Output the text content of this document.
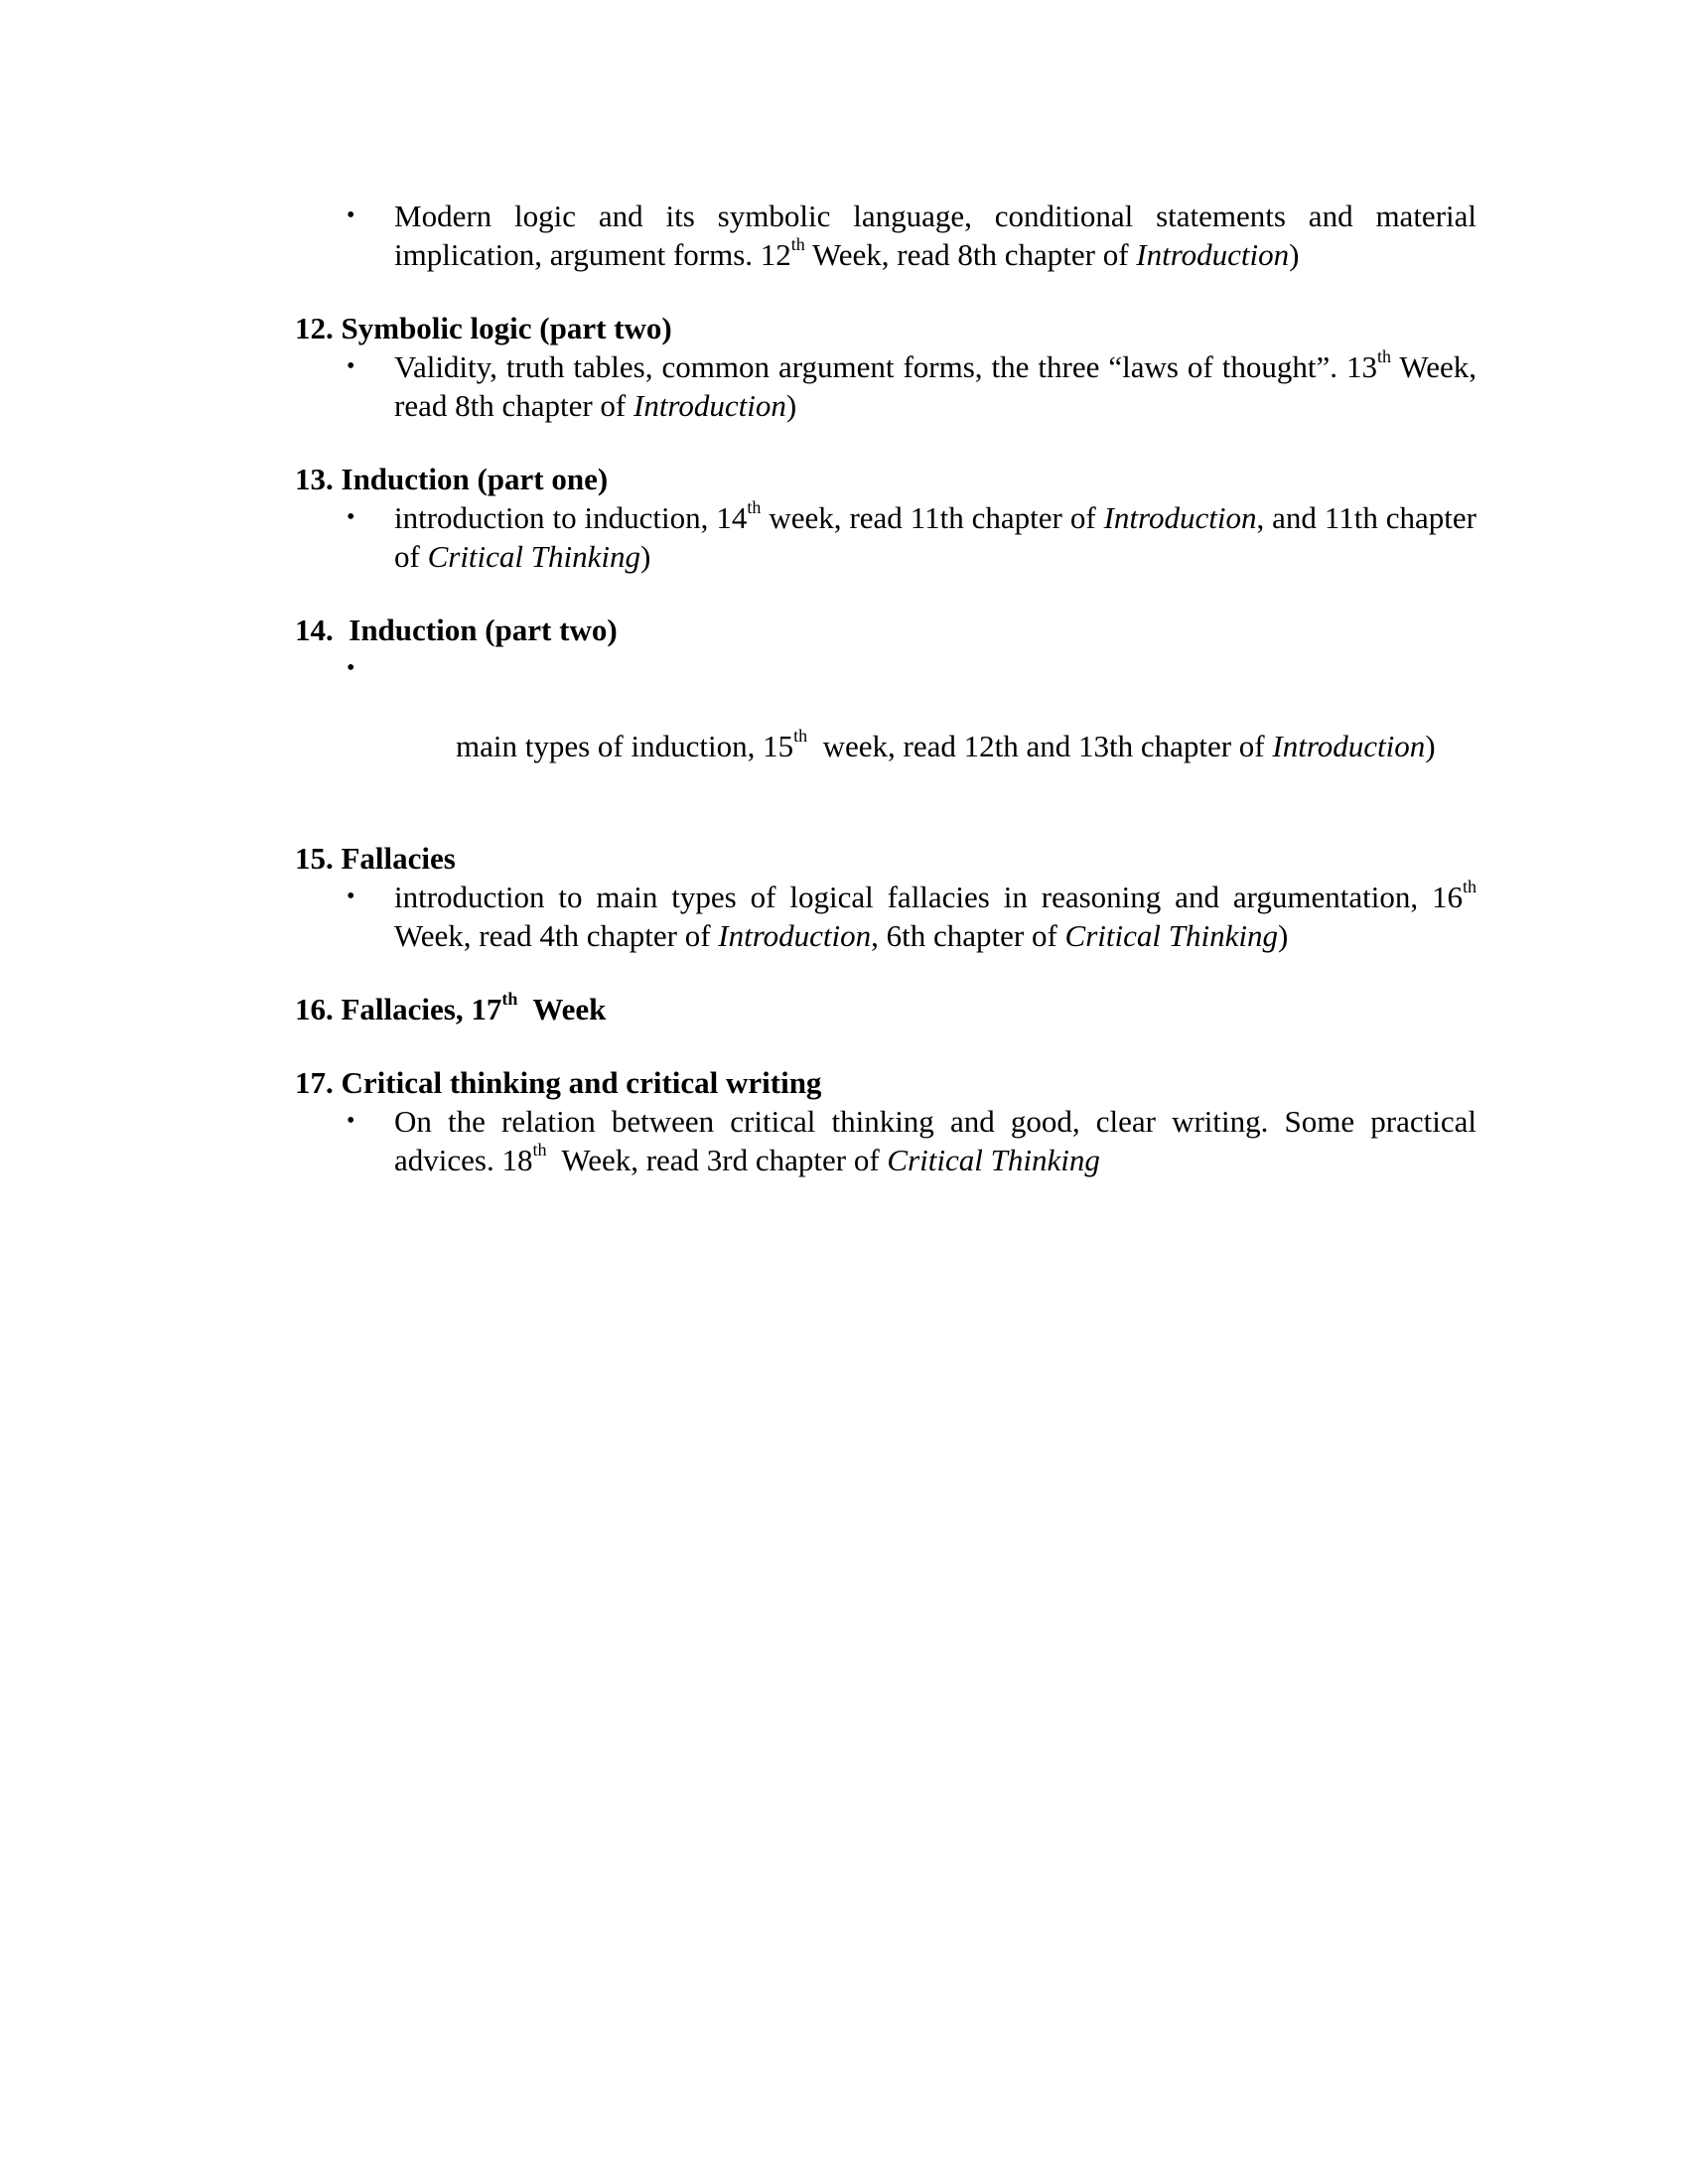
• Modern logic and its symbolic language, conditional statements and material implication, argument forms. 12th Week, read 8th chapter of Introduction)

12. Symbolic logic (part two)

• Validity, truth tables, common argument forms, the three “laws of thought”. 13th Week, read 8th chapter of Introduction)

13. Induction (part one)

• introduction to induction, 14th week, read 11th chapter of Introduction, and 11th chapter of Critical Thinking)

14.  Induction (part two)

•

main types of induction, 15th  week, read 12th and 13th chapter of Introduction)

15. Fallacies

• introduction to main types of logical fallacies in reasoning and argumentation, 16th Week, read 4th chapter of Introduction, 6th chapter of Critical Thinking)

16. Fallacies, 17th  Week

17. Critical thinking and critical writing

• On the relation between critical thinking and good, clear writing. Some practical advices. 18th  Week, read 3rd chapter of Critical Thinking
